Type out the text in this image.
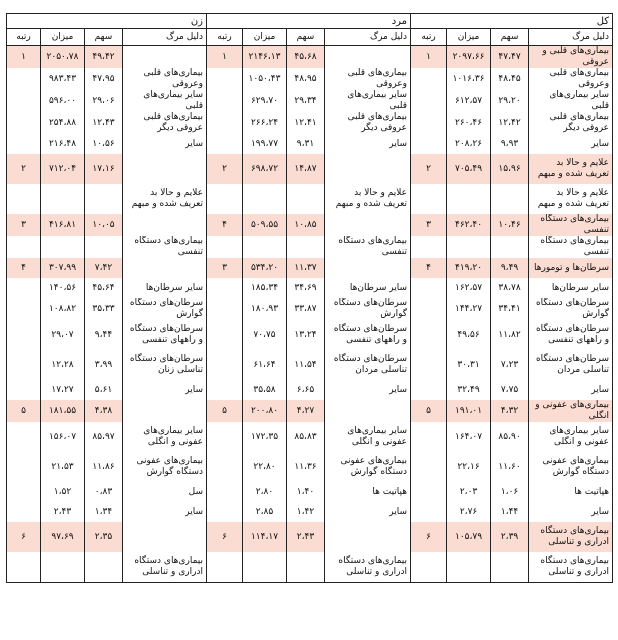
کل				مرد				زن			
دلیل مرگ	سهم	میزان	رتبه	دلیل مرگ	سهم	میزان	رتبه	دلیل مرگ	سهم	میزان	رتبه
بیماری‌های قلبی و عروقی	۴۷،۴۷	۲۰۹۷،۶۶	۱		۴۵،۶۸	۲۱۴۶،۱۳	۱		۴۹،۴۲	۲۰۵۰،۷۸	۱
بیماری‌های قلبی وعروقی	۴۸،۴۵	۱۰۱۶،۳۶		بیماری‌های قلبی وعروقی	۴۸،۹۵	۱۰۵۰،۴۳		بیماری‌های قلبی وعروقی	۴۷،۹۵	۹۸۳،۴۳	
سایر بیماری‌های قلبی	۲۹،۲۰	۶۱۲،۵۷		سایر بیماری‌های قلبی	۲۹،۳۴	۶۲۹،۷۰		سایر بیماری‌های قلبی	۲۹،۰۶	۵۹۶،۰۰	
بیماری‌های قلبی عروقی دیگر	۱۲،۴۲	۲۶۰،۴۶		بیماری‌های قلبی عروقی دیگر	۱۲،۴۱	۲۶۶،۲۴		بیماری‌های قلبی عروقی دیگر	۱۲،۴۳	۲۵۴،۸۸	
سایر	۹،۹۳	۲۰۸،۲۶		سایر	۹،۳۱	۱۹۹،۷۷		سایر	۱۰،۵۶	۲۱۶،۴۸	
علایم و حالا بد تعریف شده و مبهم	۱۵،۹۶	۷۰۵،۴۹	۲		۱۴،۸۷	۶۹۸،۷۲	۲		۱۷،۱۶	۷۱۲،۰۴	۲
علایم و حالا بد تعریف شده و مبهم				علایم و حالا بد تعریف شده و مبهم				علایم و حالا بد تعریف شده و مبهم			
بیماری‌های دستگاه تنفسی	۱۰،۴۶	۴۶۲،۴۰	۳		۱۰،۸۵	۵۰۹،۵۵	۴		۱۰،۰۵	۴۱۶،۸۱	۳
بیماری‌های دستگاه تنفسی				بیماری‌های دستگاه تنفسی				بیماری‌های دستگاه تنفسی			
سرطان‌ها و تومورها	۹،۴۹	۴۱۹،۲۰	۴		۱۱،۳۷	۵۳۴،۲۰	۳		۷،۴۲	۳۰۷،۹۹	۴
سایر سرطان‌ها	۳۸،۷۸	۱۶۲،۵۷		سایر سرطان‌ها	۳۴،۶۹	۱۸۵،۳۴		سایر سرطان‌ها	۴۵،۶۴	۱۴۰،۵۶	
سرطان‌های دستگاه گوارش	۳۴،۴۱	۱۴۴،۲۷		سرطان‌های دستگاه گوارش	۳۳،۸۷	۱۸۰،۹۳		سرطان‌های دستگاه گوارش	۳۵،۳۳	۱۰۸،۸۲	
سرطان‌های دستگاه و راههای تنفسی	۱۱،۸۲	۴۹،۵۶		سرطان‌های دستگاه و راههای تنفسی	۱۳،۲۴	۷۰،۷۵		سرطان‌های دستگاه و راههای تنفسی	۹،۴۴	۲۹،۰۷	
سرطان‌های دستگاه تناسلی مردان	۷،۲۳	۳۰،۳۱		سرطان‌های دستگاه تناسلی مردان	۱۱،۵۴	۶۱،۶۴		سرطان‌های دستگاه تناسلی زنان	۳،۹۹	۱۲،۲۸	
سایر	۷،۷۵	۳۲،۴۹		سایر	۶،۶۵	۳۵،۵۸		سایر	۵،۶۱	۱۷،۲۷	
بیماری‌های عفونی و انگلی	۴،۳۲	۱۹۱،۰۱	۵		۴،۲۷	۲۰۰،۸۰	۵		۴،۳۸	۱۸۱،۵۵	۵
سایر بیماری‌های عفونی و انگلی	۸۵،۹۰	۱۶۴،۰۷		سایر بیماری‌های عفونی و انگلی	۸۵،۸۳	۱۷۲،۳۵		سایر بیماری‌های عفونی و انگلی	۸۵،۹۷	۱۵۶،۰۷	
بیماری‌های عفونی دستگاه گوارش	۱۱،۶۰	۲۲،۱۶		بیماری‌های عفونی دستگاه گوارش	۱۱،۳۶	۲۲،۸۰		بیماری‌های عفونی دستگاه گوارش	۱۱،۸۶	۲۱،۵۳	
هپاتیت ها	۱،۰۶	۲،۰۳		هپاتیت ها	۱،۴۰	۲،۸۰		سل	۰،۸۳	۱،۵۲	
سایر	۱،۴۴	۲،۷۶		سایر	۱،۴۲	۲،۸۵		سایر	۱،۳۴	۲،۴۳	
بیماری‌های دستگاه ادراری و تناسلی	۲،۳۹	۱۰۵،۷۹	۶		۲،۴۳	۱۱۴،۱۷	۶		۲،۳۵	۹۷،۶۹	۶
بیماری‌های دستگاه ادراری و تناسلی				بیماری‌های دستگاه ادراری و تناسلی				بیماری‌های دستگاه ادراری و تناسلی			
